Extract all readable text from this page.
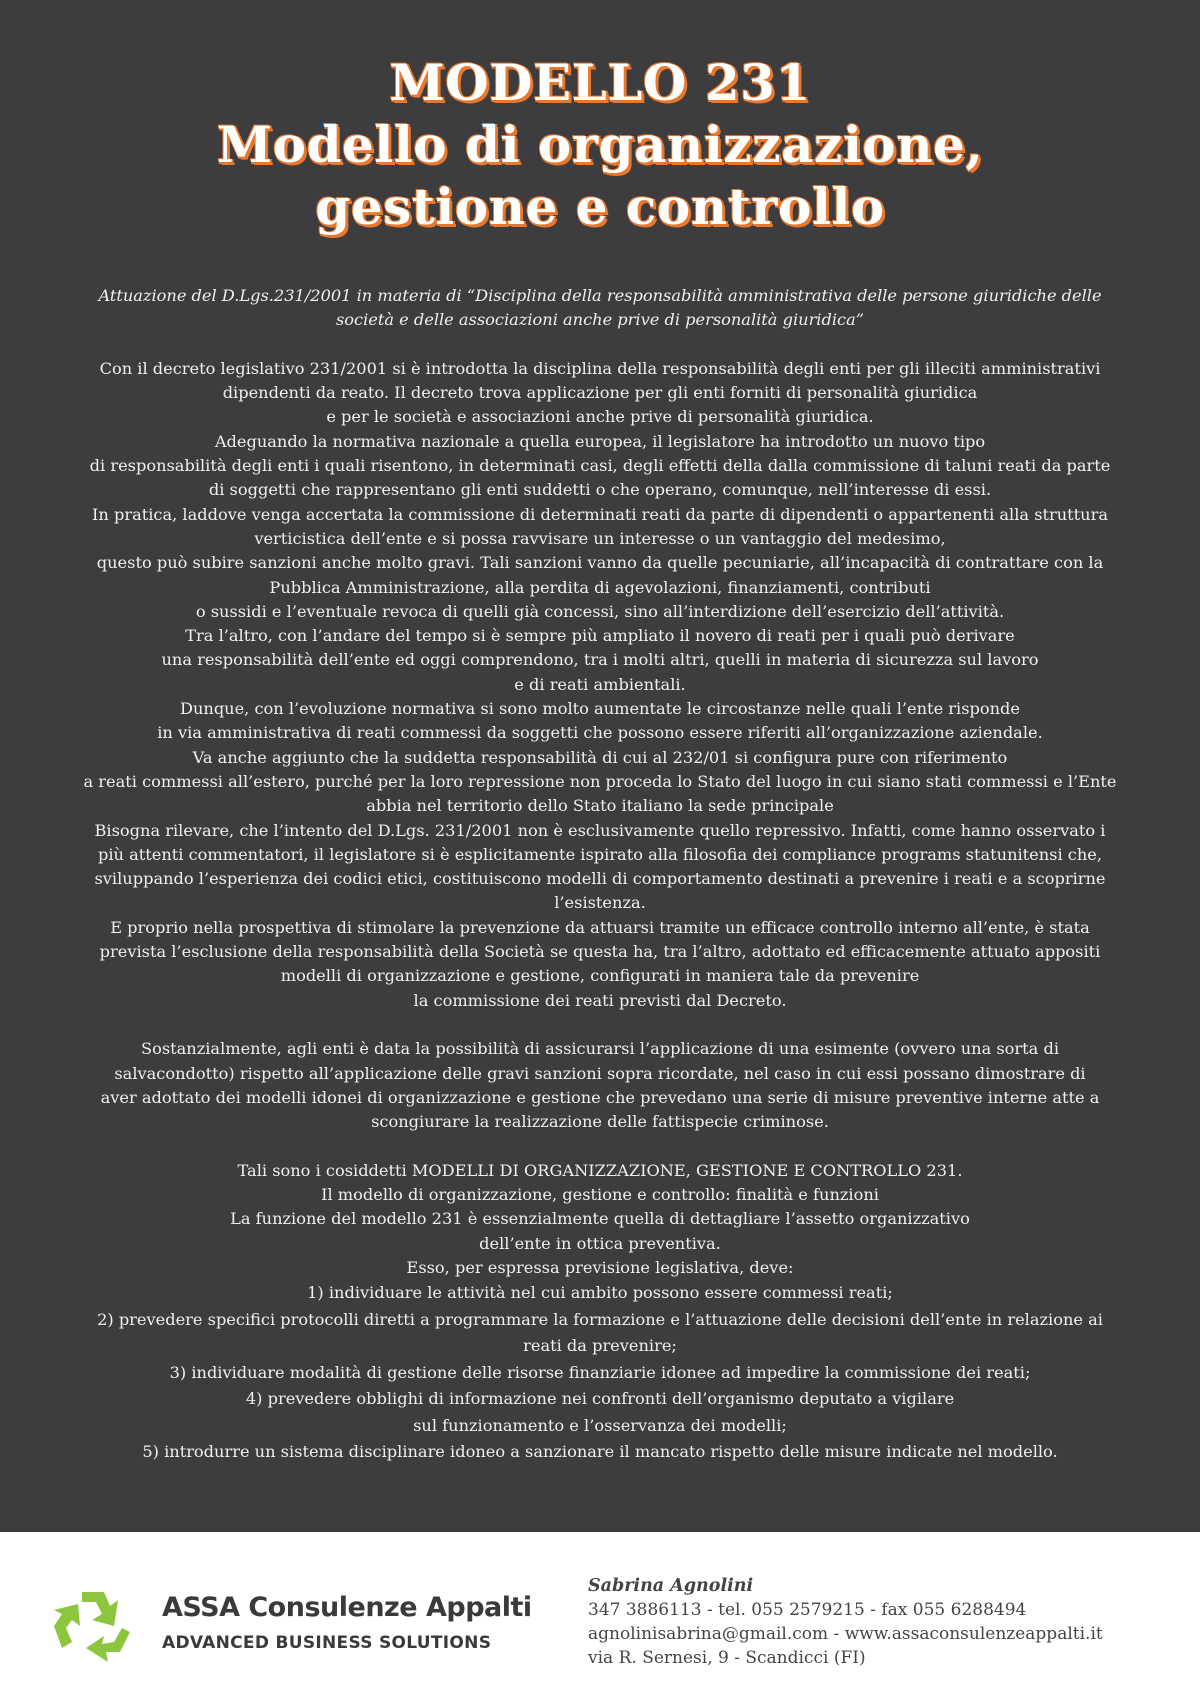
MODELLO 231
Modello di organizzazione,
gestione e controllo
Attuazione del D.Lgs.231/2001 in materia di “Disciplina della responsabilità amministrativa delle persone giuridiche delle
società e delle associazioni anche prive di personalità giuridica”
Con il decreto legislativo 231/2001 si è introdotta la disciplina della responsabilità degli enti per gli illeciti amministrativi
dipendenti da reato. Il decreto trova applicazione per gli enti forniti di personalità giuridica
e per le società e associazioni anche prive di personalità giuridica.
Adeguando la normativa nazionale a quella europea, il legislatore ha introdotto un nuovo tipo
di responsabilità degli enti i quali risentono, in determinati casi, degli effetti della dalla commissione di taluni reati da parte
di soggetti che rappresentano gli enti suddetti o che operano, comunque, nell’interesse di essi.
In pratica, laddove venga accertata la commissione di determinati reati da parte di dipendenti o appartenenti alla struttura
verticistica dell’ente e si possa ravvisare un interesse o un vantaggio del medesimo,
questo può subire sanzioni anche molto gravi. Tali sanzioni vanno da quelle pecuniarie, all’incapacità di contrattare con la
Pubblica Amministrazione, alla perdita di agevolazioni, finanziamenti, contributi
o sussidi e l’eventuale revoca di quelli già concessi, sino all’interdizione dell’esercizio dell’attività.
Tra l’altro, con l’andare del tempo si è sempre più ampliato il novero di reati per i quali può derivare
una responsabilità dell’ente ed oggi comprendono, tra i molti altri, quelli in materia di sicurezza sul lavoro
e di reati ambientali.
Dunque, con l’evoluzione normativa si sono molto aumentate le circostanze nelle quali l’ente risponde
in via amministrativa di reati commessi da soggetti che possono essere riferiti all’organizzazione aziendale.
Va anche aggiunto che la suddetta responsabilità di cui al 232/01 si configura pure con riferimento
a reati commessi all’estero, purché per la loro repressione non proceda lo Stato del luogo in cui siano stati commessi e l’Ente
abbia nel territorio dello Stato italiano la sede principale
Bisogna rilevare, che l’intento del D.Lgs. 231/2001 non è esclusivamente quello repressivo. Infatti, come hanno osservato i
più attenti commentatori, il legislatore si è esplicitamente ispirato alla filosofia dei compliance programs statunitensi che,
sviluppando l’esperienza dei codici etici, costituiscono modelli di comportamento destinati a prevenire i reati e a scoprirne
l’esistenza.
E proprio nella prospettiva di stimolare la prevenzione da attuarsi tramite un efficace controllo interno all’ente, è stata
prevista l’esclusione della responsabilità della Società se questa ha, tra l’altro, adottato ed efficacemente attuato appositi
modelli di organizzazione e gestione, configurati in maniera tale da prevenire
la commissione dei reati previsti dal Decreto.
Sostanzialmente, agli enti è data la possibilità di assicurarsi l’applicazione di una esimente (ovvero una sorta di
salvacondotto) rispetto all’applicazione delle gravi sanzioni sopra ricordate, nel caso in cui essi possano dimostrare di
aver adottato dei modelli idonei di organizzazione e gestione che prevedano una serie di misure preventive interne atte a
scongiurare la realizzazione delle fattispecie criminose.
Tali sono i cosiddetti MODELLI DI ORGANIZZAZIONE, GESTIONE E CONTROLLO 231.
Il modello di organizzazione, gestione e controllo: finalità e funzioni
La funzione del modello 231 è essenzialmente quella di dettagliare l’assetto organizzativo
dell’ente in ottica preventiva.
Esso, per espressa previsione legislativa, deve:
1) individuare le attività nel cui ambito possono essere commessi reati;
2) prevedere specifici protocolli diretti a programmare la formazione e l’attuazione delle decisioni dell’ente in relazione ai
reati da prevenire;
3) individuare modalità di gestione delle risorse finanziarie idonee ad impedire la commissione dei reati;
4) prevedere obblighi di informazione nei confronti dell’organismo deputato a vigilare
sul funzionamento e l’osservanza dei modelli;
5) introdurre un sistema disciplinare idoneo a sanzionare il mancato rispetto delle misure indicate nel modello.
ASSA Consulenze Appalti
ADVANCED BUSINESS SOLUTIONS
Sabrina Agnolini
347 3886113 - tel. 055 2579215 - fax 055 6288494
agnolinisabrina@gmail.com - www.assaconsulenzeappalti.it
via R. Sernesi, 9 - Scandicci (FI)
